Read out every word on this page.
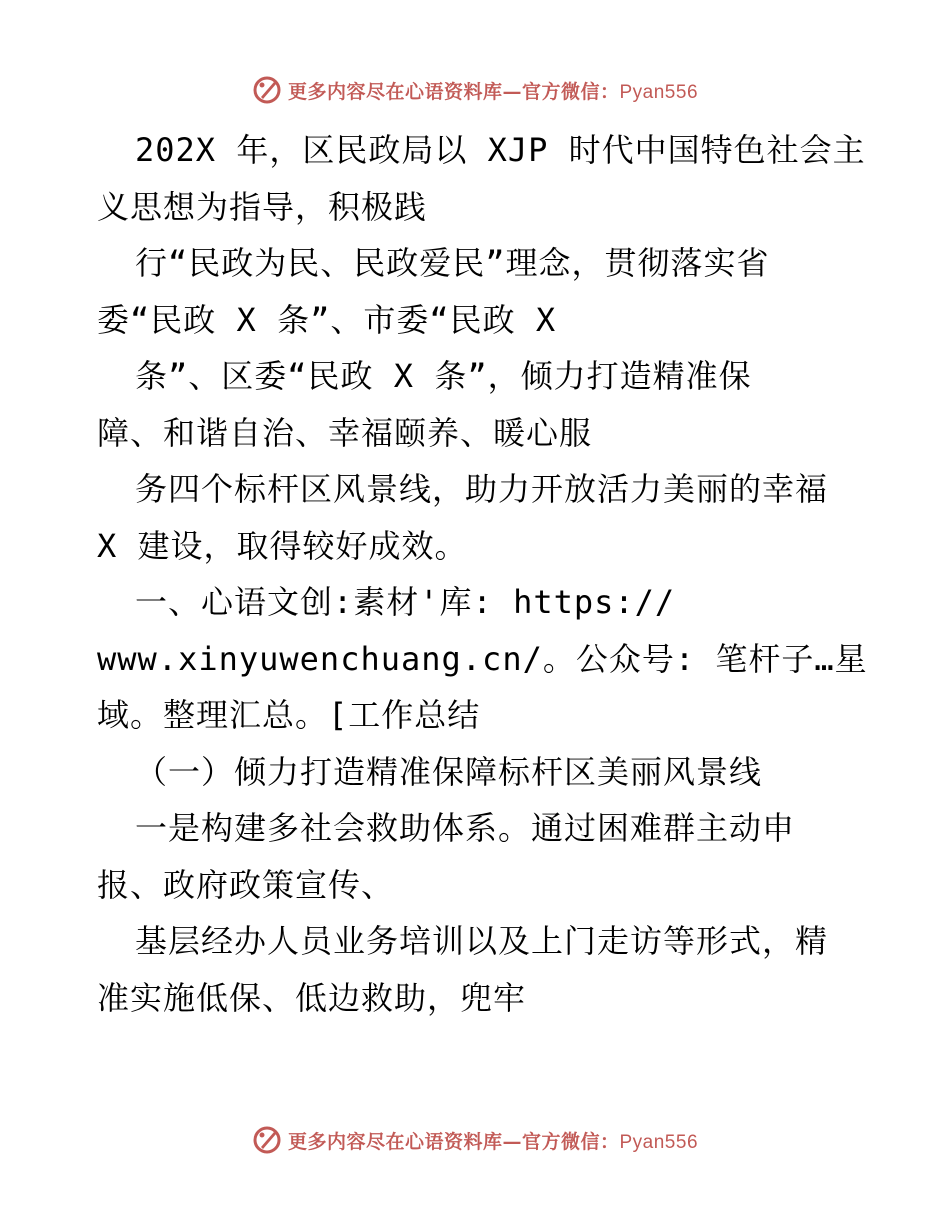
更多内容尽在心语资料库—官方微信：Pyan556
202X 年，区民政局以 XJP 时代中国特色社会主
义思想为指导，积极践
行“民政为民、民政爱民”理念，贯彻落实省
委“民政 X 条”、市委“民政 X
条”、区委“民政 X 条”，倾力打造精准保
障、和谐自治、幸福颐养、暖心服
务四个标杆区风景线，助力开放活力美丽的幸福
X 建设，取得较好成效。
一、心语文创:素材'库: https://
www.xinyuwenchuang.cn/。公众号: 笔杆子…星
域。整理汇总。[工作总结
（一）倾力打造精准保障标杆区美丽风景线
一是构建多社会救助体系。通过困难群主动申
报、政府政策宣传、
基层经办人员业务培训以及上门走访等形式，精
准实施低保、低边救助，兜牢
更多内容尽在心语资料库—官方微信：Pyan556
